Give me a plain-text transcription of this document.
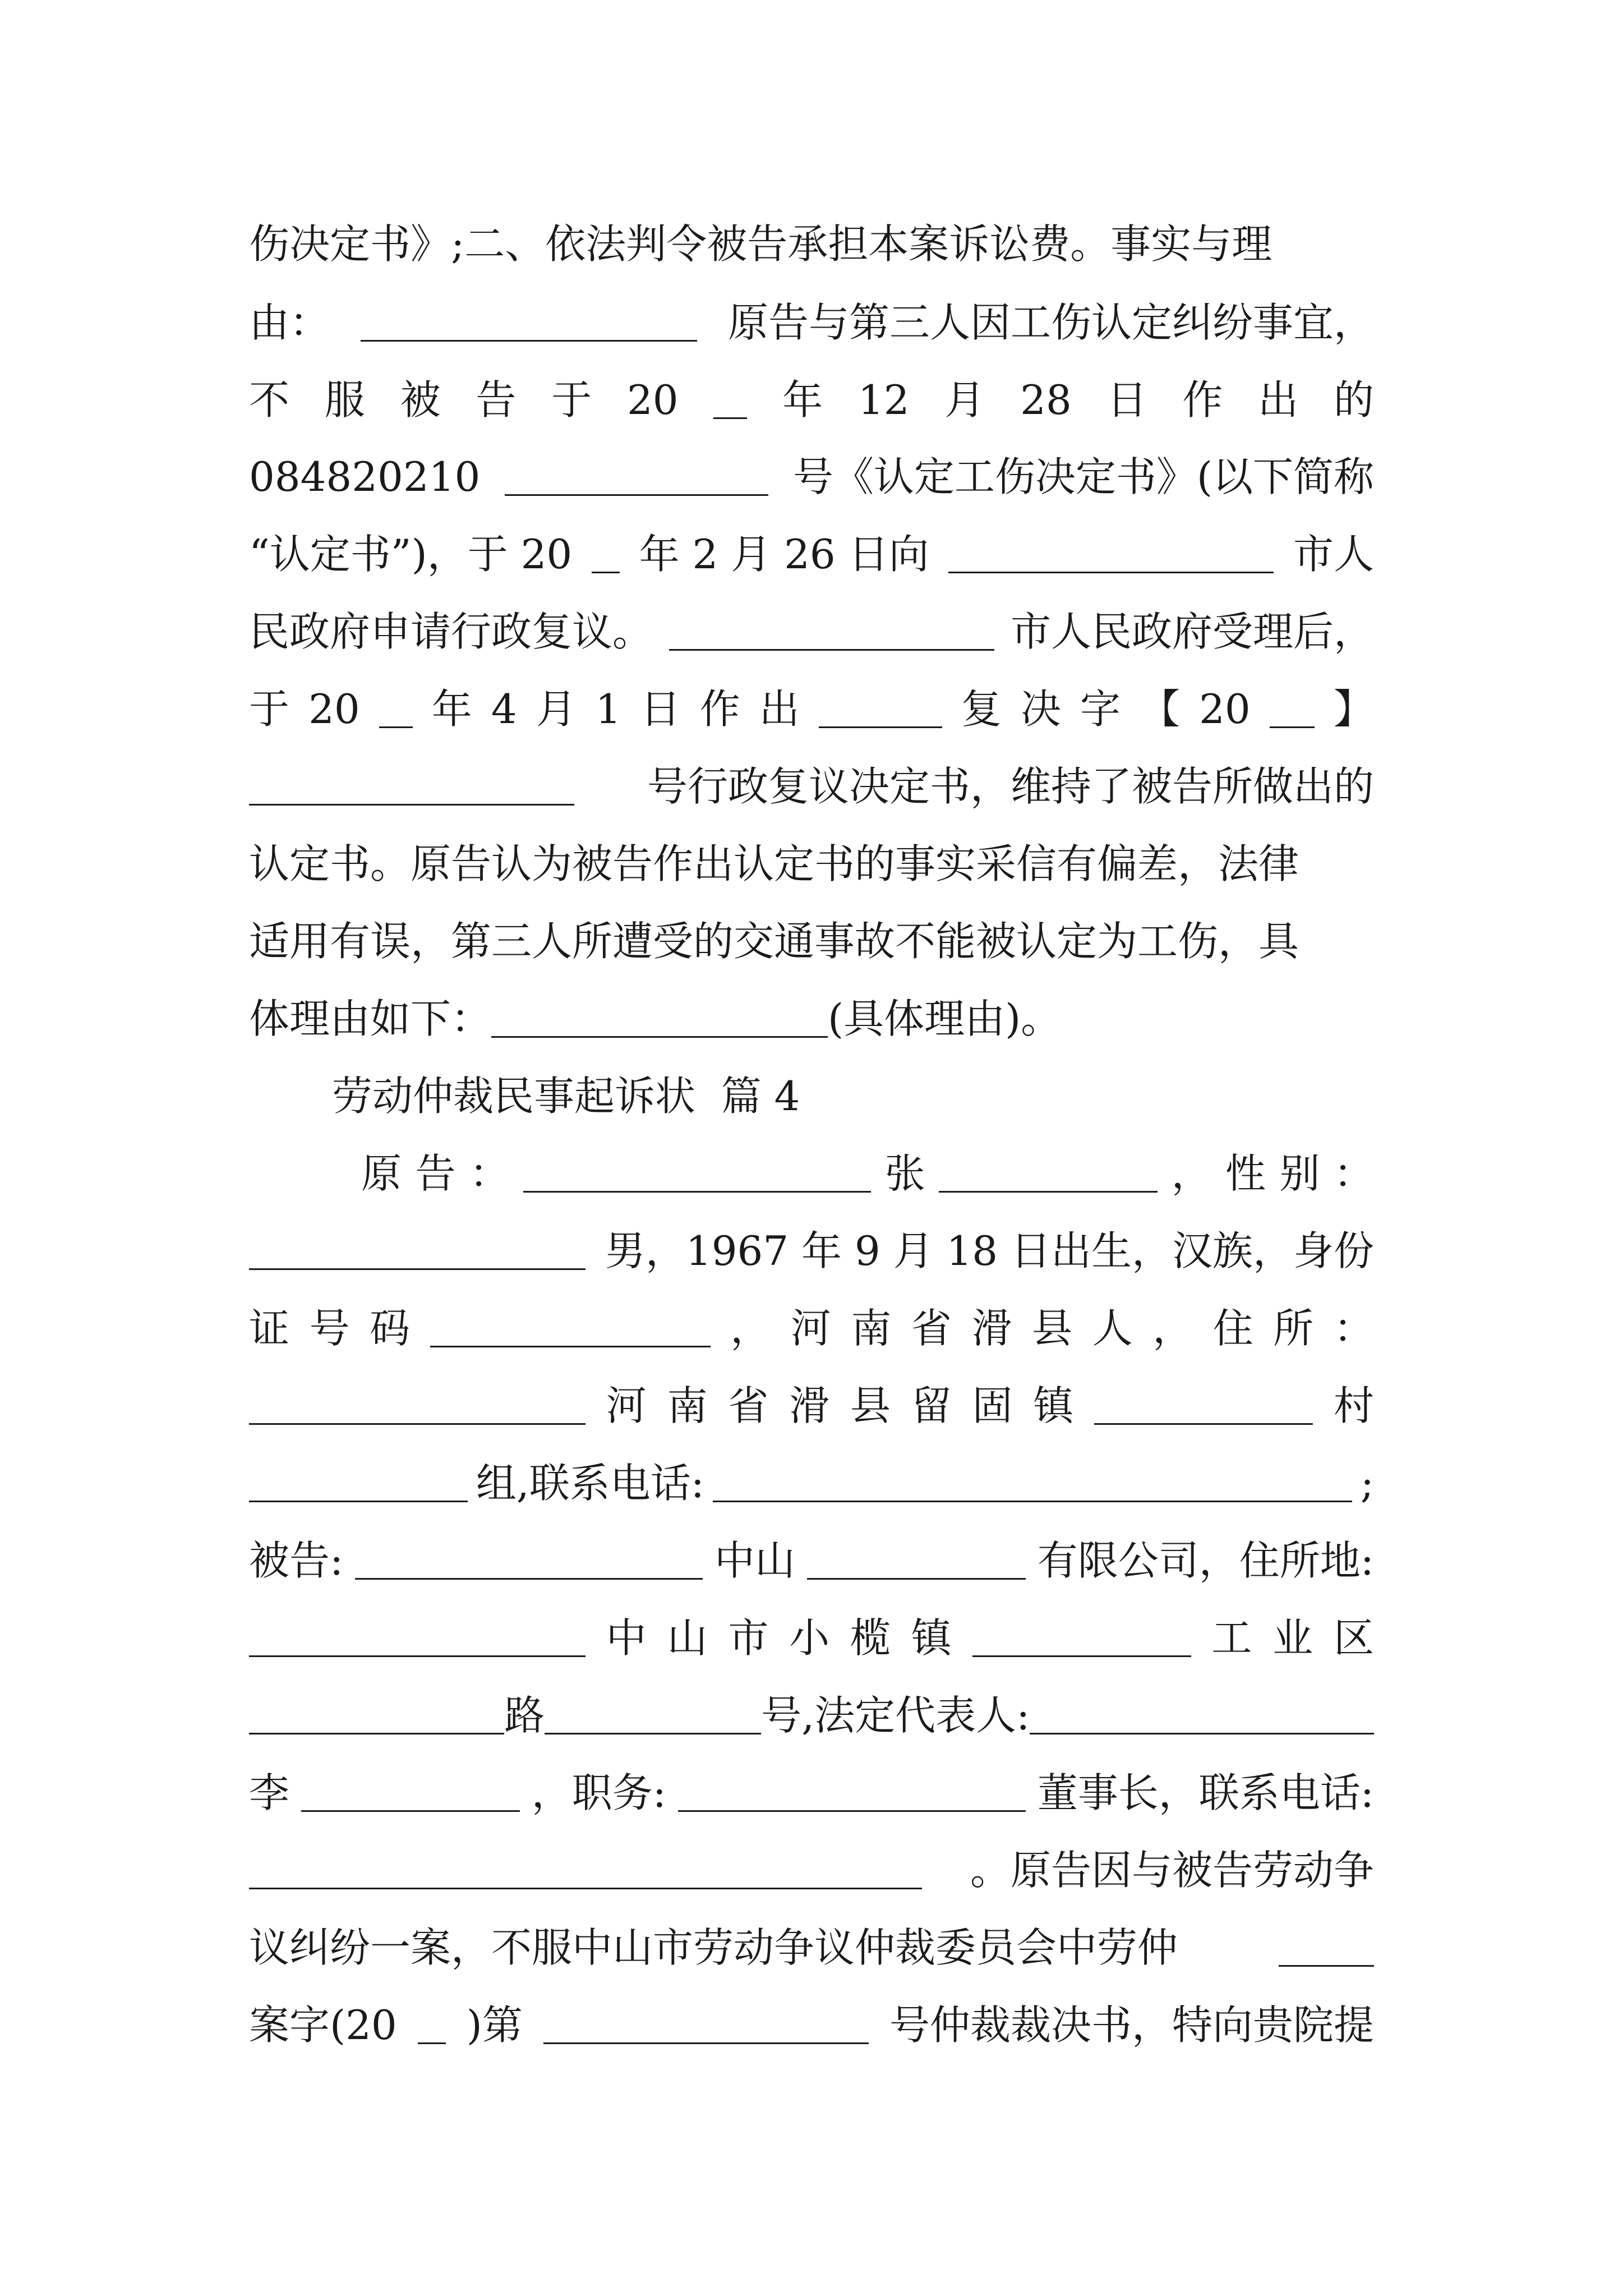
伤决定书》;二、依法判令被告承担本案诉讼费。事实与理
由：	原告与第三人因工伤认定纠纷事宜，
不 服 被 告 于 20	年 12 月 28 日 作 出 的
084820210	号《认定工伤决定书》(以下简称
“认定书”)，于 20 年 2 月 26 日向	市人
民政府申请行政复议。	市人民政府受理后，
于 20 年 4 月 1 日 作 出	复 决 字 【 20 】
号行政复议决定书，维持了被告所做出的
认定书。原告认为被告作出认定书的事实采信有偏差，法律
适用有误，第三人所遭受的交通事故不能被认定为工伤，具
体理由如下：	(具体理由)。
劳动仲裁民事起诉状  篇 4
原 告 ：	张	， 性 别 ：
男，1967 年 9 月 18 日出生，汉族，身份
证 号 码	， 河 南 省 滑 县 人 ， 住 所 ：
河 南 省 滑 县 留 固 镇	村
组,联系电话:	;
被告:	中山	有限公司，住所地:
中 山 市 小 榄 镇	工 业 区
路	号,法定代表人:
李	，职务:	董事长，联系电话:
。原告因与被告劳动争
议纠纷一案，不服中山市劳动争议仲裁委员会中劳仲
案字(20 )第	号仲裁裁决书，特向贵院提
